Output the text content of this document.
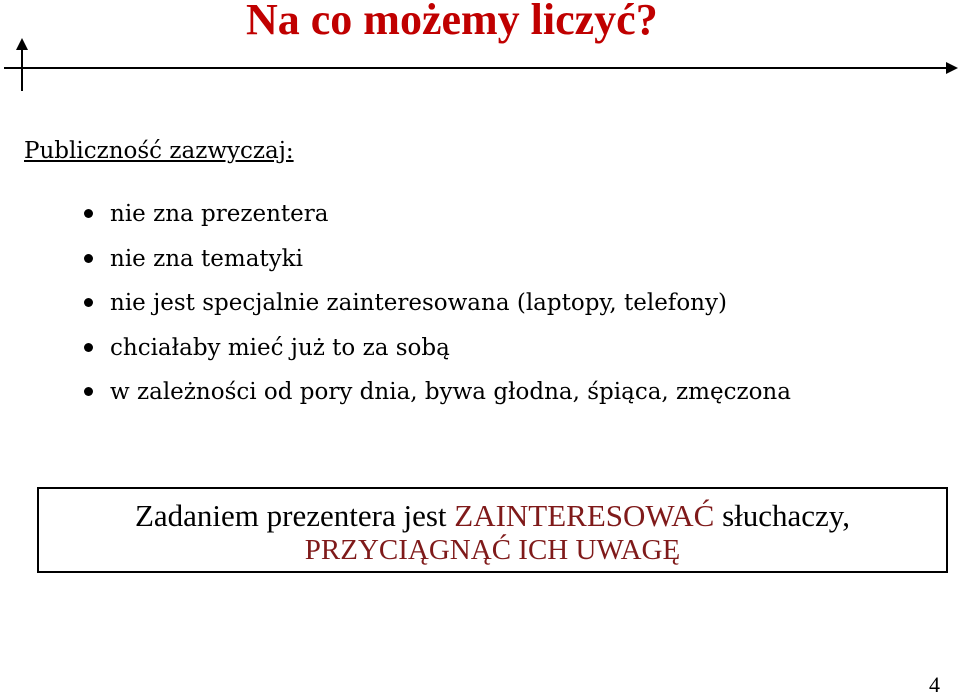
Na co możemy liczyć?
Publiczność zazwyczaj:
nie zna prezentera
nie zna tematyki
nie jest specjalnie zainteresowana (laptopy, telefony)
chciałaby mieć już to za sobą
w zależności od pory dnia, bywa głodna, śpiąca, zmęczona
Zadaniem prezentera jest ZAINTERESOWAĆ słuchaczy,
PRZYCIĄGNĄĆ ICH UWAGĘ
4
